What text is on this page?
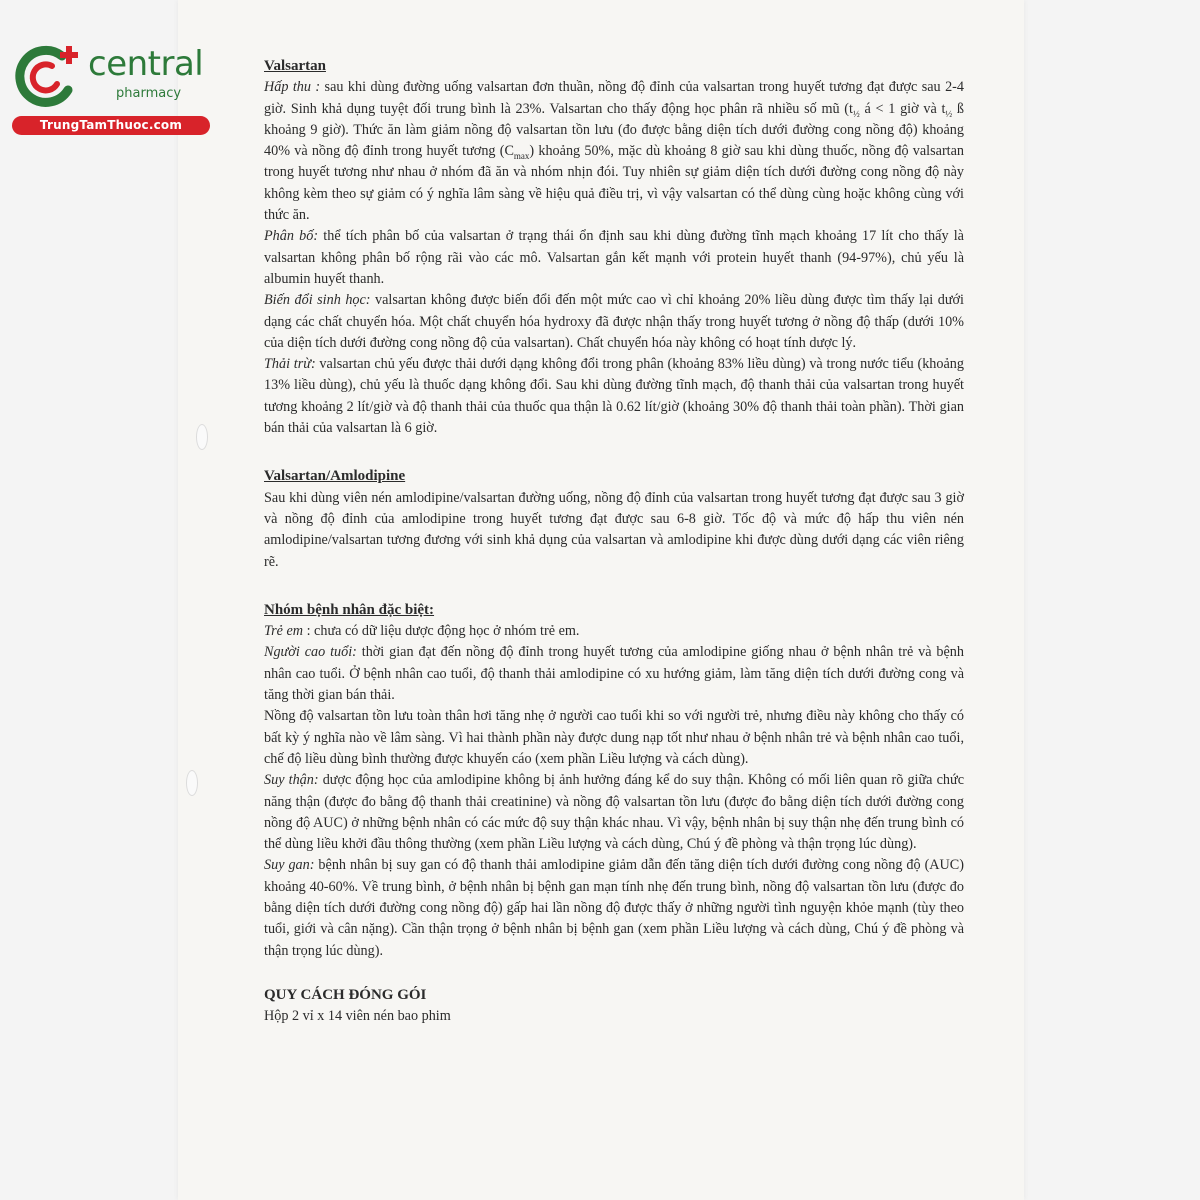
central
pharmacy
TrungTamThuoc.com
Valsartan

Hấp thu : sau khi dùng đường uống valsartan đơn thuần, nồng độ đỉnh của valsartan trong huyết tương đạt được sau 2-4 giờ. Sinh khả dụng tuyệt đối trung bình là 23%. Valsartan cho thấy động học phân rã nhiều số mũ ($t_{\frac{1}{2}}$ á < 1 giờ và $t_{\frac{1}{2}}$ ß khoảng 9 giờ). Thức ăn làm giảm nồng độ valsartan tồn lưu (đo được bằng diện tích dưới đường cong nồng độ) khoảng 40% và nồng độ đỉnh trong huyết tương $(C_{max})$ khoảng 50%, mặc dù khoảng 8 giờ sau khi dùng thuốc, nồng độ valsartan trong huyết tương như nhau ở nhóm đã ăn và nhóm nhịn đói. Tuy nhiên sự giảm diện tích dưới đường cong nồng độ này không kèm theo sự giảm có ý nghĩa lâm sàng về hiệu quả điều trị, vì vậy valsartan có thể dùng cùng hoặc không cùng với thức ăn.

Phân bố: thể tích phân bố của valsartan ở trạng thái ổn định sau khi dùng đường tĩnh mạch khoảng 17 lít cho thấy là valsartan không phân bố rộng rãi vào các mô. Valsartan gắn kết mạnh với protein huyết thanh (94-97%), chủ yếu là albumin huyết thanh.

Biến đổi sinh học: valsartan không được biến đổi đến một mức cao vì chỉ khoảng 20% liều dùng được tìm thấy lại dưới dạng các chất chuyển hóa. Một chất chuyển hóa hydroxy đã được nhận thấy trong huyết tương ở nồng độ thấp (dưới 10% của diện tích dưới đường cong nồng độ của valsartan). Chất chuyển hóa này không có hoạt tính dược lý.

Thải trừ: valsartan chủ yếu được thải dưới dạng không đổi trong phân (khoảng 83% liều dùng) và trong nước tiểu (khoảng 13% liều dùng), chủ yếu là thuốc dạng không đổi. Sau khi dùng đường tĩnh mạch, độ thanh thải của valsartan trong huyết tương khoảng 2 lít/giờ và độ thanh thải của thuốc qua thận là 0.62 lít/giờ (khoảng 30% độ thanh thải toàn phần). Thời gian bán thải của valsartan là 6 giờ.

Valsartan/Amlodipine

Sau khi dùng viên nén amlodipine/valsartan đường uống, nồng độ đỉnh của valsartan trong huyết tương đạt được sau 3 giờ và nồng độ đỉnh của amlodipine trong huyết tương đạt được sau 6-8 giờ. Tốc độ và mức độ hấp thu viên nén amlodipine/valsartan tương đương với sinh khả dụng của valsartan và amlodipine khi được dùng dưới dạng các viên riêng rẽ.

Nhóm bệnh nhân đặc biệt:

Trẻ em : chưa có dữ liệu dược động học ở nhóm trẻ em.

Người cao tuổi: thời gian đạt đến nồng độ đỉnh trong huyết tương của amlodipine giống nhau ở bệnh nhân trẻ và bệnh nhân cao tuổi. Ở bệnh nhân cao tuổi, độ thanh thải amlodipine có xu hướng giảm, làm tăng diện tích dưới đường cong và tăng thời gian bán thải.

Nồng độ valsartan tồn lưu toàn thân hơi tăng nhẹ ở người cao tuổi khi so với người trẻ, nhưng điều này không cho thấy có bất kỳ ý nghĩa nào về lâm sàng. Vì hai thành phần này được dung nạp tốt như nhau ở bệnh nhân trẻ và bệnh nhân cao tuổi, chế độ liều dùng bình thường được khuyến cáo (xem phần Liều lượng và cách dùng).

Suy thận: dược động học của amlodipine không bị ảnh hưởng đáng kể do suy thận. Không có mối liên quan rõ giữa chức năng thận (được đo bằng độ thanh thải creatinine) và nồng độ valsartan tồn lưu (được đo bằng diện tích dưới đường cong nồng độ AUC) ở những bệnh nhân có các mức độ suy thận khác nhau. Vì vậy, bệnh nhân bị suy thận nhẹ đến trung bình có thể dùng liều khởi đầu thông thường (xem phần Liều lượng và cách dùng, Chú ý đề phòng và thận trọng lúc dùng).

Suy gan: bệnh nhân bị suy gan có độ thanh thải amlodipine giảm dẫn đến tăng diện tích dưới đường cong nồng độ (AUC) khoảng 40-60%. Về trung bình, ở bệnh nhân bị bệnh gan mạn tính nhẹ đến trung bình, nồng độ valsartan tồn lưu (được đo bằng diện tích dưới đường cong nồng độ) gấp hai lần nồng độ được thấy ở những người tình nguyện khỏe mạnh (tùy theo tuổi, giới và cân nặng). Cần thận trọng ở bệnh nhân bị bệnh gan (xem phần Liều lượng và cách dùng, Chú ý đề phòng và thận trọng lúc dùng).

QUY CÁCH ĐÓNG GÓI
Hộp 2 vỉ x 14 viên nén bao phim
